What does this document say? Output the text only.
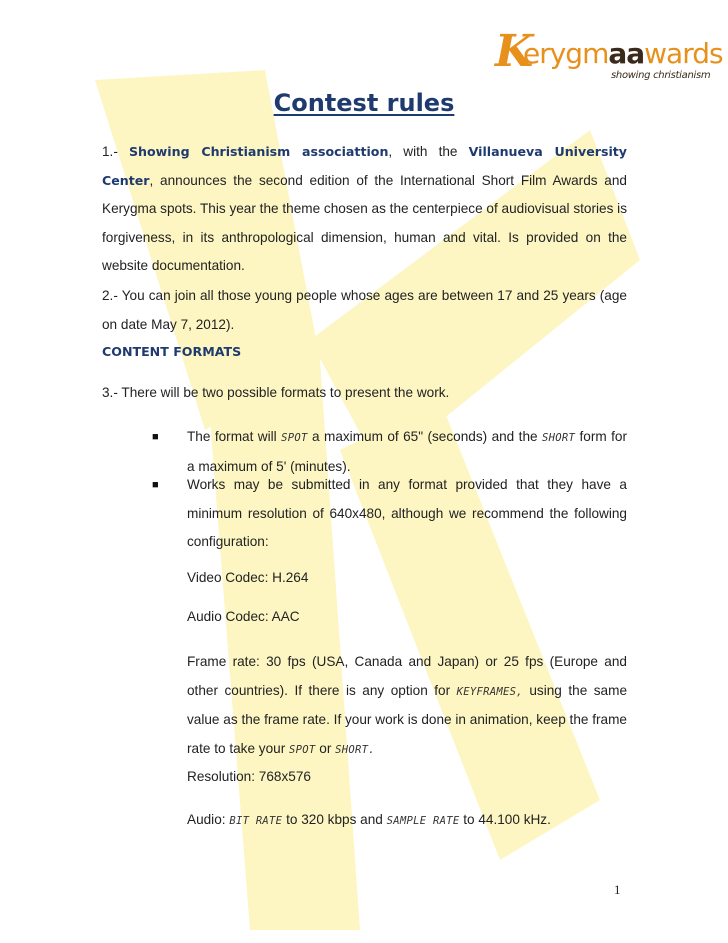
K
erygmaawards
showing christianism
Contest rules
1.- Showing Christianism associattion, with the Villanueva University Center, announces the second edition of the International Short Film Awards and Kerygma spots. This year the theme chosen as the centerpiece of audiovisual stories is forgiveness, in its anthropological dimension, human and vital. Is provided on the website documentation.
2.- You can join all those young people whose ages are between 17 and 25 years (age on date May 7, 2012).
CONTENT FORMATS
3.- There will be two possible formats to present the work.
■ The format will SPOT a maximum of 65" (seconds) and the SHORT form for a maximum of 5' (minutes).
■ Works may be submitted in any format provided that they have a minimum resolution of 640x480, although we recommend the following configuration:
Video Codec: H.264
Audio Codec: AAC
Frame rate: 30 fps (USA, Canada and Japan) or 25 fps (Europe and other countries). If there is any option for KEYFRAMES, using the same value as the frame rate. If your work is done in animation, keep the frame rate to take your SPOT or SHORT.
Resolution: 768x576
Audio: BIT RATE to 320 kbps and SAMPLE RATE to 44.100 kHz.
1
